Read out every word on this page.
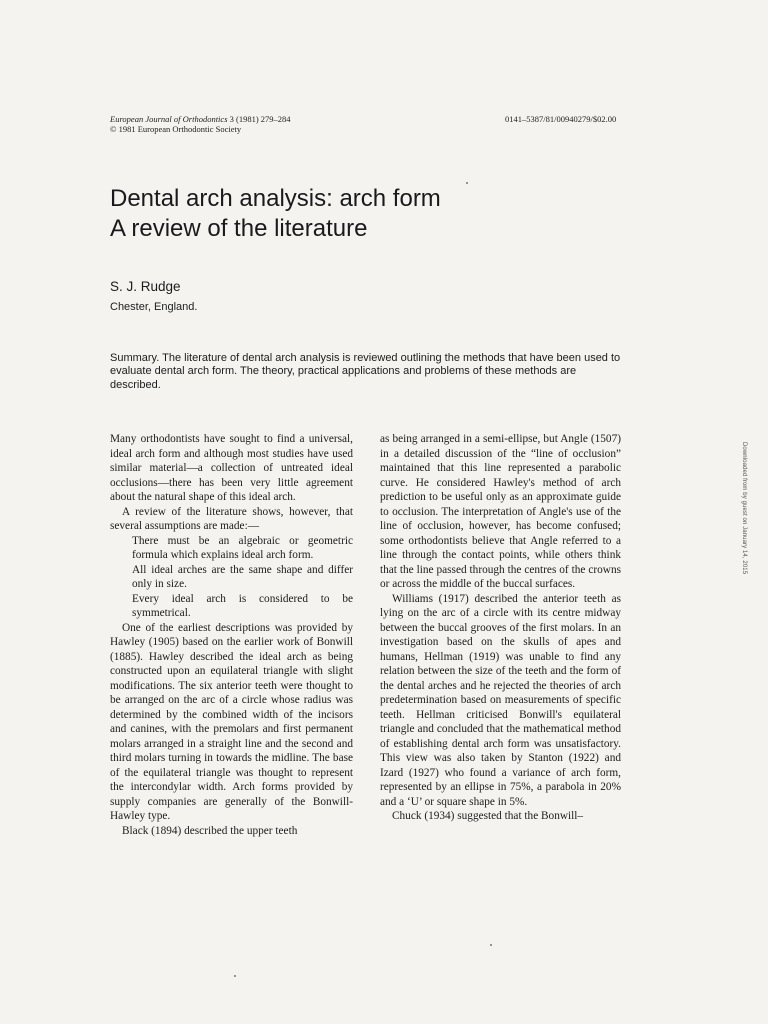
European Journal of Orthodontics 3 (1981) 279–284
© 1981 European Orthodontic Society
0141–5387/81/00940279/$02.00
Dental arch analysis: arch form
A review of the literature
S. J. Rudge
Chester, England.

Summary. The literature of dental arch analysis is reviewed outlining the methods that have been used to evaluate dental arch form. The theory, practical applications and problems of these methods are described.

Many orthodontists have sought to find a universal, ideal arch form and although most studies have used similar material—a collection of untreated ideal occlusions—there has been very little agreement about the natural shape of this ideal arch.

A review of the literature shows, however, that several assumptions are made:—

There must be an algebraic or geometric formula which explains ideal arch form.
All ideal arches are the same shape and differ only in size.
Every ideal arch is considered to be symmetrical.

One of the earliest descriptions was provided by Hawley (1905) based on the earlier work of Bonwill (1885). Hawley described the ideal arch as being constructed upon an equilateral triangle with slight modifications. The six anterior teeth were thought to be arranged on the arc of a circle whose radius was determined by the combined width of the incisors and canines, with the premolars and first permanent molars arranged in a straight line and the second and third molars turning in towards the midline. The base of the equilateral triangle was thought to represent the intercondylar width. Arch forms provided by supply companies are generally of the Bonwill-Hawley type.

Black (1894) described the upper teeth

as being arranged in a semi-ellipse, but Angle (1507) in a detailed discussion of the “line of occlusion” maintained that this line represented a parabolic curve. He considered Hawley's method of arch prediction to be useful only as an approximate guide to occlusion. The interpretation of Angle's use of the line of occlusion, however, has become confused; some orthodontists believe that Angle referred to a line through the contact points, while others think that the line passed through the centres of the crowns or across the middle of the buccal surfaces.

Williams (1917) described the anterior teeth as lying on the arc of a circle with its centre midway between the buccal grooves of the first molars. In an investigation based on the skulls of apes and humans, Hellman (1919) was unable to find any relation between the size of the teeth and the form of the dental arches and he rejected the theories of arch predetermination based on measurements of specific teeth. Hellman criticised Bonwill's equilateral triangle and concluded that the mathematical method of establishing dental arch form was unsatisfactory. This view was also taken by Stanton (1922) and Izard (1927) who found a variance of arch form, represented by an ellipse in 75%, a parabola in 20% and a ‘U’ or square shape in 5%.

Chuck (1934) suggested that the Bonwill–

Downloaded from by guest on January 14, 2015
